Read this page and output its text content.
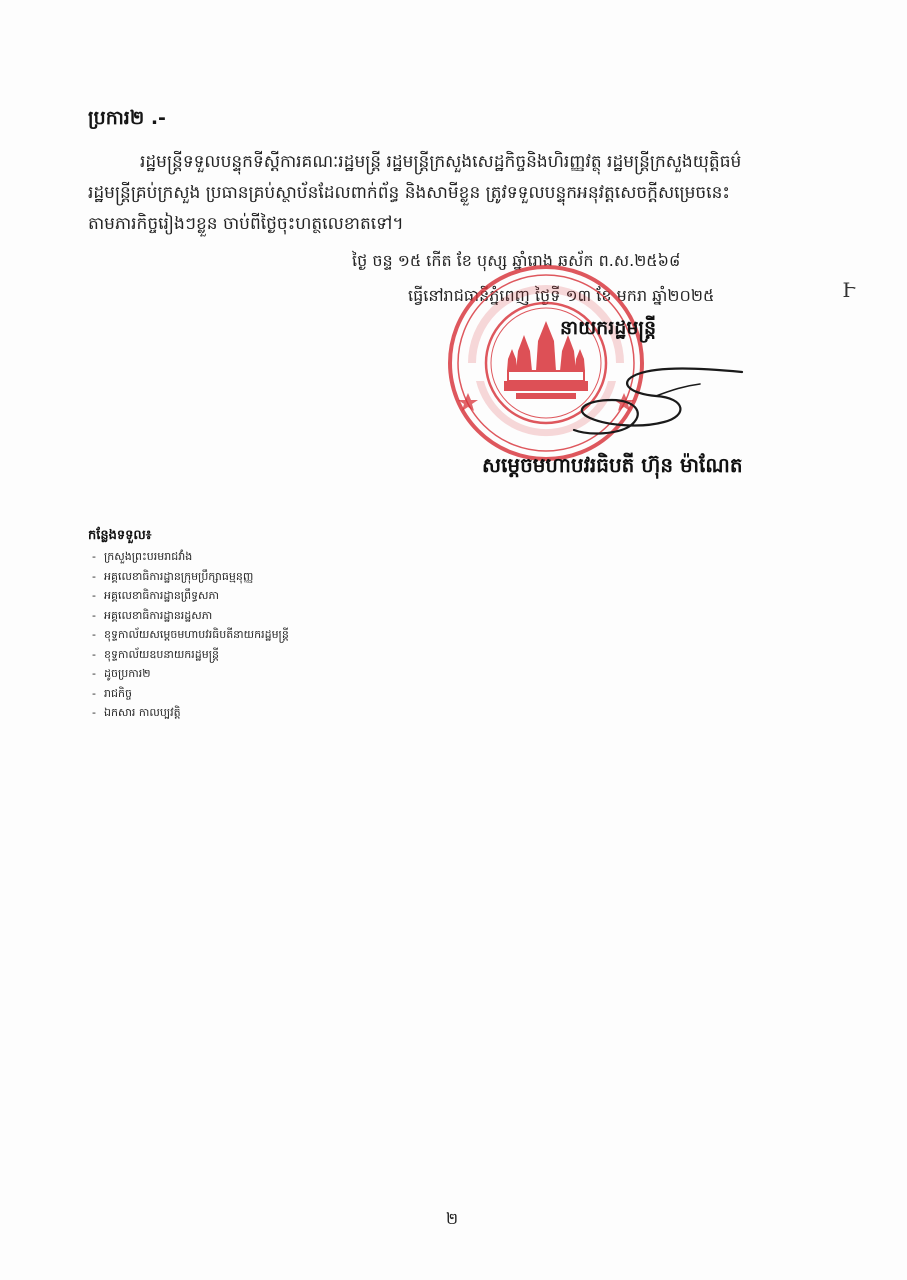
ប្រការ២ .-
រដ្ឋមន្ត្រីទទួលបន្ទុកទីស្តីការគណៈរដ្ឋមន្ត្រី រដ្ឋមន្ត្រីក្រសួងសេដ្ឋកិច្ចនិងហិរញ្ញវត្ថុ រដ្ឋមន្ត្រីក្រសួងយុត្តិធម៌
រដ្ឋមន្ត្រីគ្រប់ក្រសួង ប្រធានគ្រប់ស្ថាប័នដែលពាក់ព័ន្ធ និងសាមីខ្លួន ត្រូវទទួលបន្ទុកអនុវត្តសេចក្តីសម្រេចនេះ
តាមភារកិច្ចរៀងៗខ្លួន ចាប់ពីថ្ងៃចុះហត្ថលេខាតទៅ។
ថ្ងៃ ចន្ទ ១៥ កើត ខែ បុស្ស ឆ្នាំរោង ឆស័ក ព.ស.២៥៦៨
ធ្វើនៅរាជធានីភ្នំពេញ ថ្ងៃទី ១៣ ខែ មករា ឆ្នាំ២០២៥	Ւ
នាយករដ្ឋមន្ត្រី
សម្តេចមហាបវរធិបតី ហ៊ុន ម៉ាណែត
កន្លែងទទួល៖
- ក្រសួងព្រះបរមរាជវាំង
- អគ្គលេខាធិការដ្ឋានក្រុមប្រឹក្សាធម្មនុញ្ញ
- អគ្គលេខាធិការដ្ឋានព្រឹទ្ធសភា
- អគ្គលេខាធិការដ្ឋានរដ្ឋសភា
- ខុទ្ទកាល័យសម្តេចមហាបវរធិបតីនាយករដ្ឋមន្ត្រី
- ខុទ្ទកាល័យឧបនាយករដ្ឋមន្ត្រី
- ដូចប្រការ២
- រាជកិច្ច
- ឯកសារ កាលប្បវត្តិ
២
